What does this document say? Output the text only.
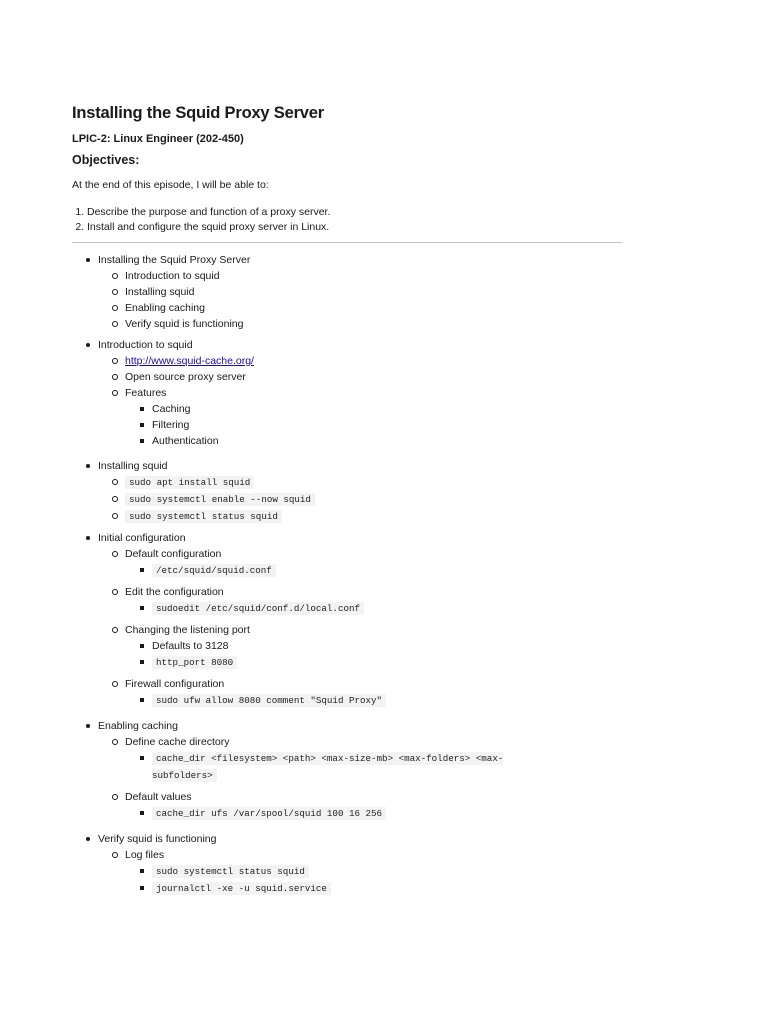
Installing the Squid Proxy Server
LPIC-2: Linux Engineer (202-450)
Objectives:
At the end of this episode, I will be able to:
1. Describe the purpose and function of a proxy server.
2. Install and configure the squid proxy server in Linux.
Installing the Squid Proxy Server
Introduction to squid
Installing squid
Enabling caching
Verify squid is functioning
Introduction to squid
http://www.squid-cache.org/
Open source proxy server
Features
Caching
Filtering
Authentication
Installing squid
sudo apt install squid
sudo systemctl enable --now squid
sudo systemctl status squid
Initial configuration
Default configuration
/etc/squid/squid.conf
Edit the configuration
sudoedit /etc/squid/conf.d/local.conf
Changing the listening port
Defaults to 3128
http_port 8080
Firewall configuration
sudo ufw allow 8080 comment "Squid Proxy"
Enabling caching
Define cache directory
cache_dir <filesystem> <path> <max-size-mb> <max-folders> <max-subfolders>
Default values
cache_dir ufs /var/spool/squid 100 16 256
Verify squid is functioning
Log files
sudo systemctl status squid
journalctl -xe -u squid.service
